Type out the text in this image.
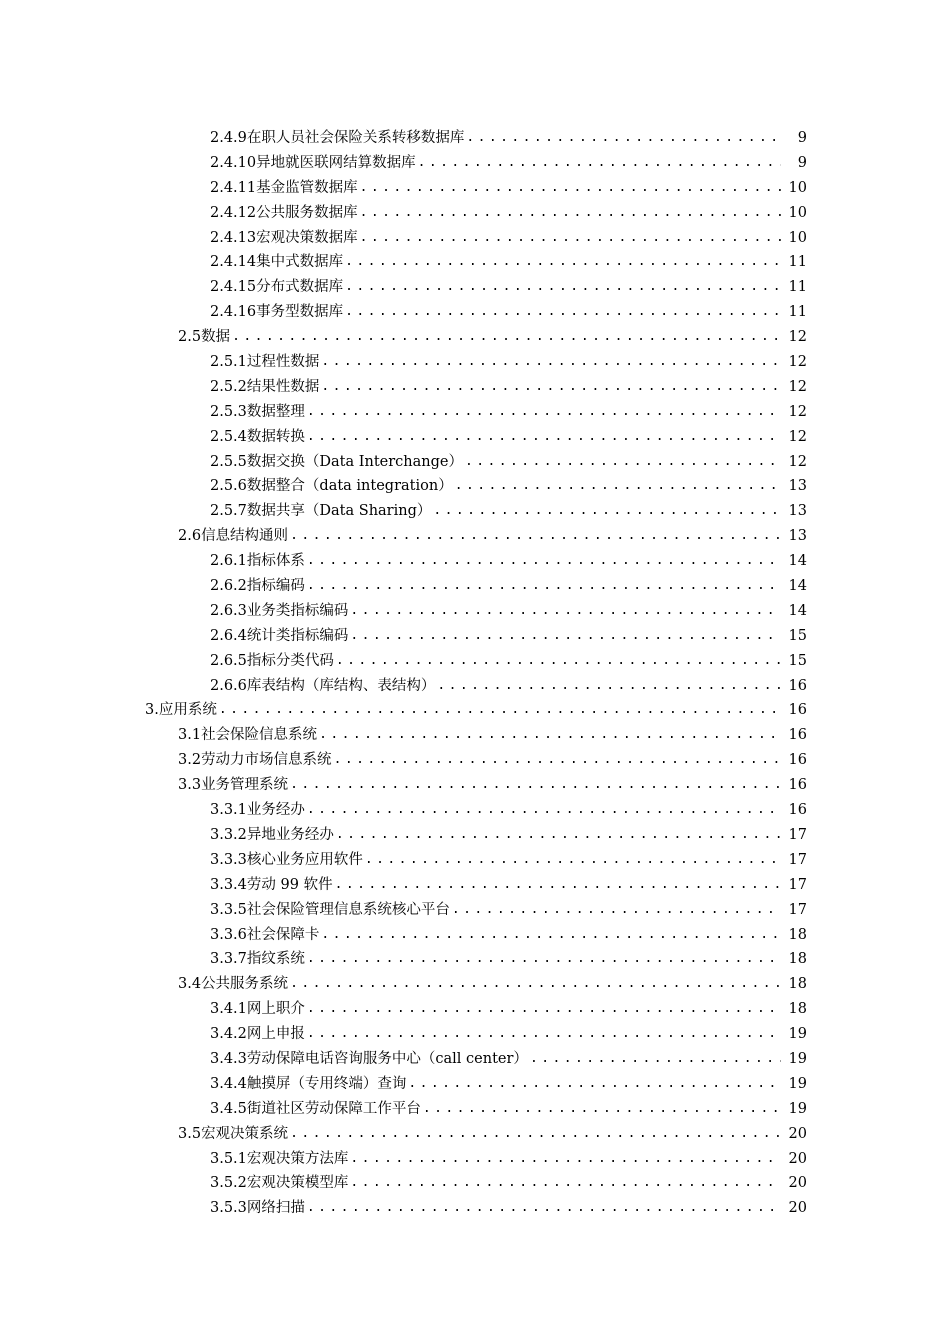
2.4.9 在职人员社会保险关系转移数据库 . . .	9
2.4.10 异地就医联网结算数据库 . . .	9
2.4.11 基金监管数据库 . . .	10
2.4.12 公共服务数据库 . . .	10
2.4.13 宏观决策数据库 . . .	10
2.4.14 集中式数据库 . . .	11
2.4.15 分布式数据库 . . .	11
2.4.16 事务型数据库 . . .	11
2.5 数据 . . .	12
2.5.1 过程性数据 . . .	12
2.5.2 结果性数据 . . .	12
2.5.3 数据整理 . . .	12
2.5.4 数据转换 . . .	12
2.5.5 数据交换（Data Interchange） . . .	12
2.5.6 数据整合（data integration） . . .	13
2.5.7 数据共享（Data Sharing） . . .	13
2.6 信息结构通则 . . .	13
2.6.1 指标体系 . . .	14
2.6.2 指标编码 . . .	14
2.6.3 业务类指标编码 . . .	14
2.6.4 统计类指标编码 . . .	15
2.6.5 指标分类代码 . . .	15
2.6.6 库表结构（库结构、表结构） . . .	16
3. 应用系统 . . .	16
3.1 社会保险信息系统 . . .	16
3.2 劳动力市场信息系统 . . .	16
3.3 业务管理系统 . . .	16
3.3.1 业务经办 . . .	16
3.3.2 异地业务经办 . . .	17
3.3.3 核心业务应用软件 . . .	17
3.3.4 劳动 99 软件 . . .	17
3.3.5 社会保险管理信息系统核心平台 . . .	17
3.3.6 社会保障卡 . . .	18
3.3.7 指纹系统 . . .	18
3.4 公共服务系统 . . .	18
3.4.1 网上职介 . . .	18
3.4.2 网上申报 . . .	19
3.4.3 劳动保障电话咨询服务中心（call center） . . .	19
3.4.4 触摸屏（专用终端）查询 . . .	19
3.4.5 街道社区劳动保障工作平台 . . .	19
3.5 宏观决策系统 . . .	20
3.5.1 宏观决策方法库 . . .	20
3.5.2 宏观决策模型库 . . .	20
3.5.3 网络扫描 . . .	20
